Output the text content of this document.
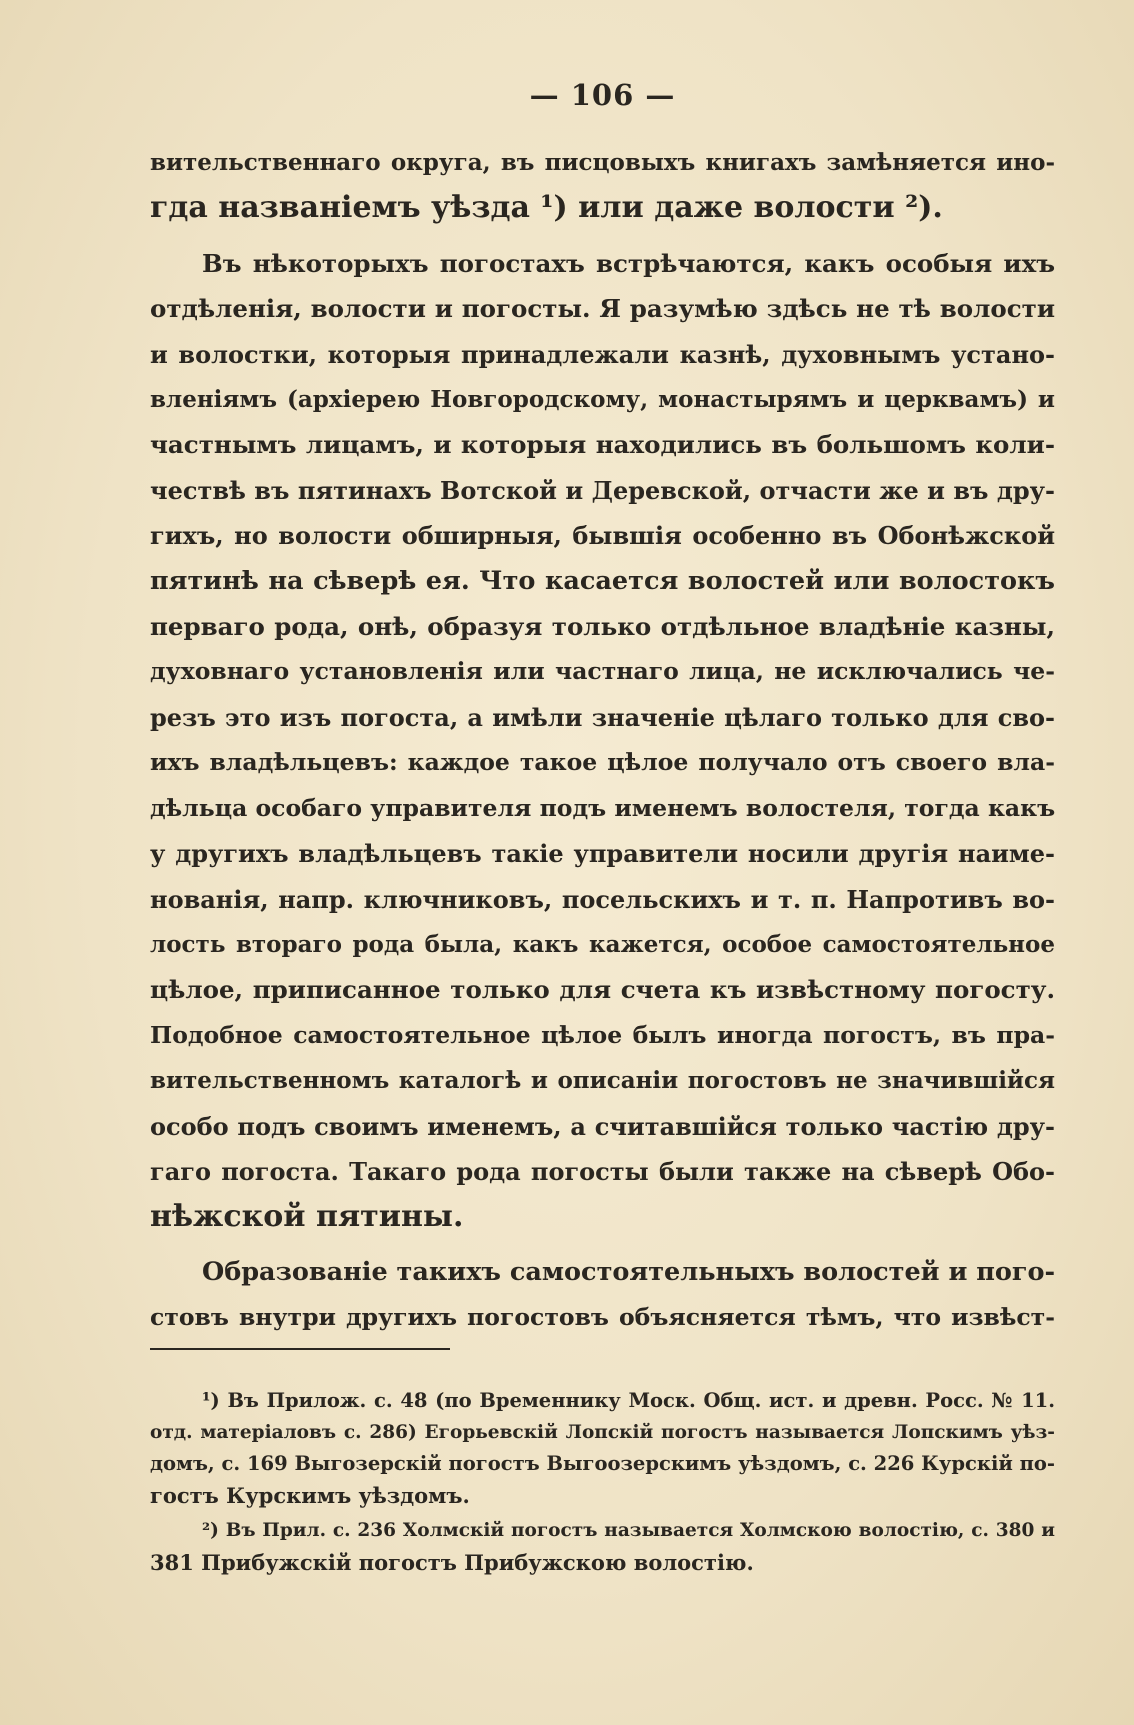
— 106 —
вительственнаго округа, въ писцовыхъ книгахъ замѣняется ино-
гда названіемъ уѣзда ¹) или даже волости ²).
Въ нѣкоторыхъ погостахъ встрѣчаются, какъ особыя ихъ
отдѣленія, волости и погосты. Я разумѣю здѣсь не тѣ волости
и волостки, которыя принадлежали казнѣ, духовнымъ устано-
вленіямъ (архіерею Новгородскому, монастырямъ и церквамъ) и
частнымъ лицамъ, и которыя находились въ большомъ коли-
чествѣ въ пятинахъ Вотской и Деревской, отчасти же и въ дру-
гихъ, но волости обширныя, бывшія особенно въ Обонѣжской
пятинѣ на сѣверѣ ея. Что касается волостей или волостокъ
перваго рода, онѣ, образуя только отдѣльное владѣніе казны,
духовнаго установленія или частнаго лица, не исключались че-
резъ это изъ погоста, а имѣли значеніе цѣлаго только для сво-
ихъ владѣльцевъ: каждое такое цѣлое получало отъ своего вла-
дѣльца особаго управителя подъ именемъ волостеля, тогда какъ
у другихъ владѣльцевъ такіе управители носили другія наиме-
нованія, напр. ключниковъ, посельскихъ и т. п. Напротивъ во-
лость втораго рода была, какъ кажется, особое самостоятельное
цѣлое, приписанное только для счета къ извѣстному погосту.
Подобное самостоятельное цѣлое былъ иногда погостъ, въ пра-
вительственномъ каталогѣ и описаніи погостовъ не значившійся
особо подъ своимъ именемъ, а считавшійся только частію дру-
гаго погоста. Такаго рода погосты были также на сѣверѣ Обо-
нѣжской пятины.
Образованіе такихъ самостоятельныхъ волостей и пого-
стовъ внутри другихъ погостовъ объясняется тѣмъ, что извѣст-
¹) Въ Прилож. с. 48 (по Временнику Моск. Общ. ист. и древн. Росс. № 11.
отд. матеріаловъ с. 286) Егорьевскій Лопскій погостъ называется Лопскимъ уѣз-
домъ, с. 169 Выгозерскій погостъ Выгоозерскимъ уѣздомъ, с. 226 Курскій по-
гостъ Курскимъ уѣздомъ.
²) Въ Прил. с. 236 Холмскій погостъ называется Холмскою волостію, с. 380 и
381 Прибужскій погостъ Прибужскою волостію.
